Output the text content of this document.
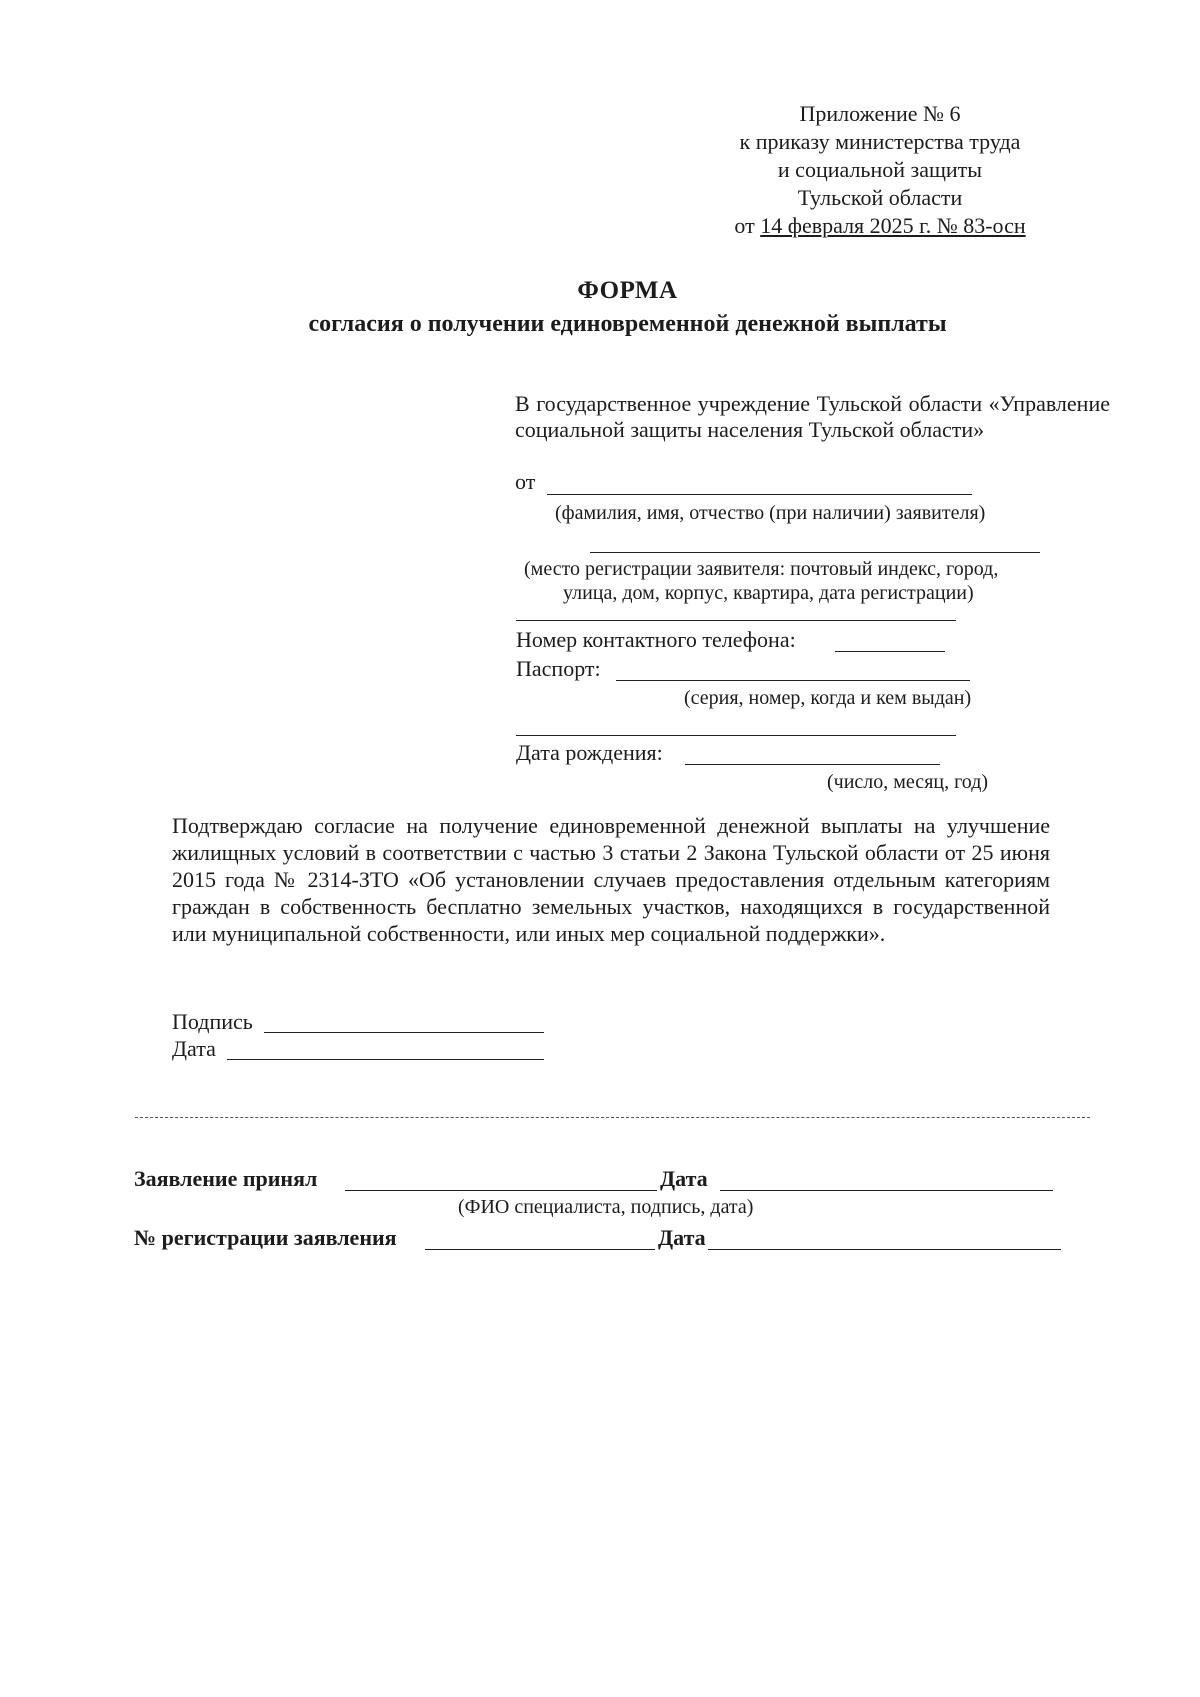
Приложение № 6
к приказу министерства труда
и социальной защиты
Тульской области
от 14 февраля 2025 г. № 83-осн
ФОРМА
согласия о получении единовременной денежной выплаты
В государственное учреждение Тульской области «Управление социальной защиты населения Тульской области»
от
(фамилия, имя, отчество (при наличии) заявителя)
(место регистрации заявителя: почтовый индекс, город,
улица, дом, корпус, квартира, дата регистрации)
Номер контактного телефона:
Паспорт:
(серия, номер, когда и кем выдан)
Дата рождения:
(число, месяц, год)
Подтверждаю согласие на получение единовременной денежной выплаты на улучшение жилищных условий в соответствии с частью 3 статьи 2 Закона Тульской области от 25 июня 2015 года № 2314-ЗТО «Об установлении случаев предоставления отдельным категориям граждан в собственность бесплатно земельных участков, находящихся в государственной или муниципальной собственности, или иных мер социальной поддержки».
Подпись
Дата
Заявление принял	Дата
(ФИО специалиста, подпись, дата)
№ регистрации заявления	Дата
